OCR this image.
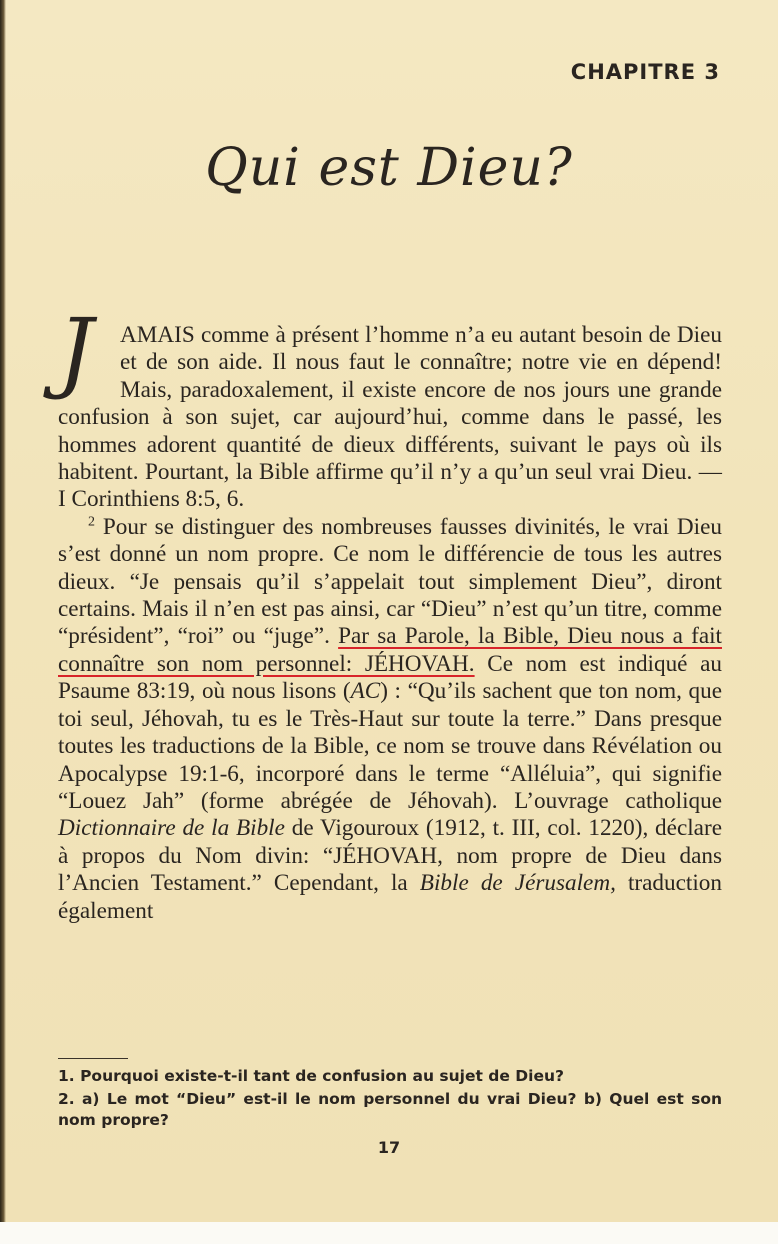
CHAPITRE 3
Qui est Dieu?

J	AMAIS comme à présent l’homme n’a eu autant besoin de Dieu et de son aide. Il nous faut le connaître; notre vie en dépend! Mais, paradoxalement, il existe encore de nos jours une grande confusion à son sujet, car aujourd’hui, comme dans le passé, les hommes adorent quantité de dieux différents, suivant le pays où ils habitent. Pourtant, la Bible affirme qu’il n’y a qu’un seul vrai Dieu. — I Corinthiens 8:5, 6.

$^2$ Pour se distinguer des nombreuses fausses divinités, le vrai Dieu s’est donné un nom propre. Ce nom le différencie de tous les autres dieux. “Je pensais qu’il s’appelait tout simplement Dieu”, diront certains. Mais il n’en est pas ainsi, car “Dieu” n’est qu’un titre, comme “président”, “roi” ou “juge”. Par sa Parole, la Bible, Dieu nous a fait connaître son nom personnel: JÉHOVAH. Ce nom est indiqué au Psaume 83:19, où nous lisons (AC) : “Qu’ils sachent que ton nom, que toi seul, Jéhovah, tu es le Très-Haut sur toute la terre.” Dans presque toutes les traductions de la Bible, ce nom se trouve dans Révélation ou Apocalypse 19:1-6, incorporé dans le terme “Alléluia”, qui signifie “Louez Jah” (forme abrégée de Jéhovah). L’ouvrage catholique Dictionnaire de la Bible de Vigouroux (1912, t. III, col. 1220), déclare à propos du Nom divin: “JÉHOVAH, nom propre de Dieu dans l’Ancien Testament.” Cependant, la Bible de Jérusalem, traduction également

1. Pourquoi existe-t-il tant de confusion au sujet de Dieu?

2. a) Le mot “Dieu” est-il le nom personnel du vrai Dieu? b) Quel est son nom propre?

17
